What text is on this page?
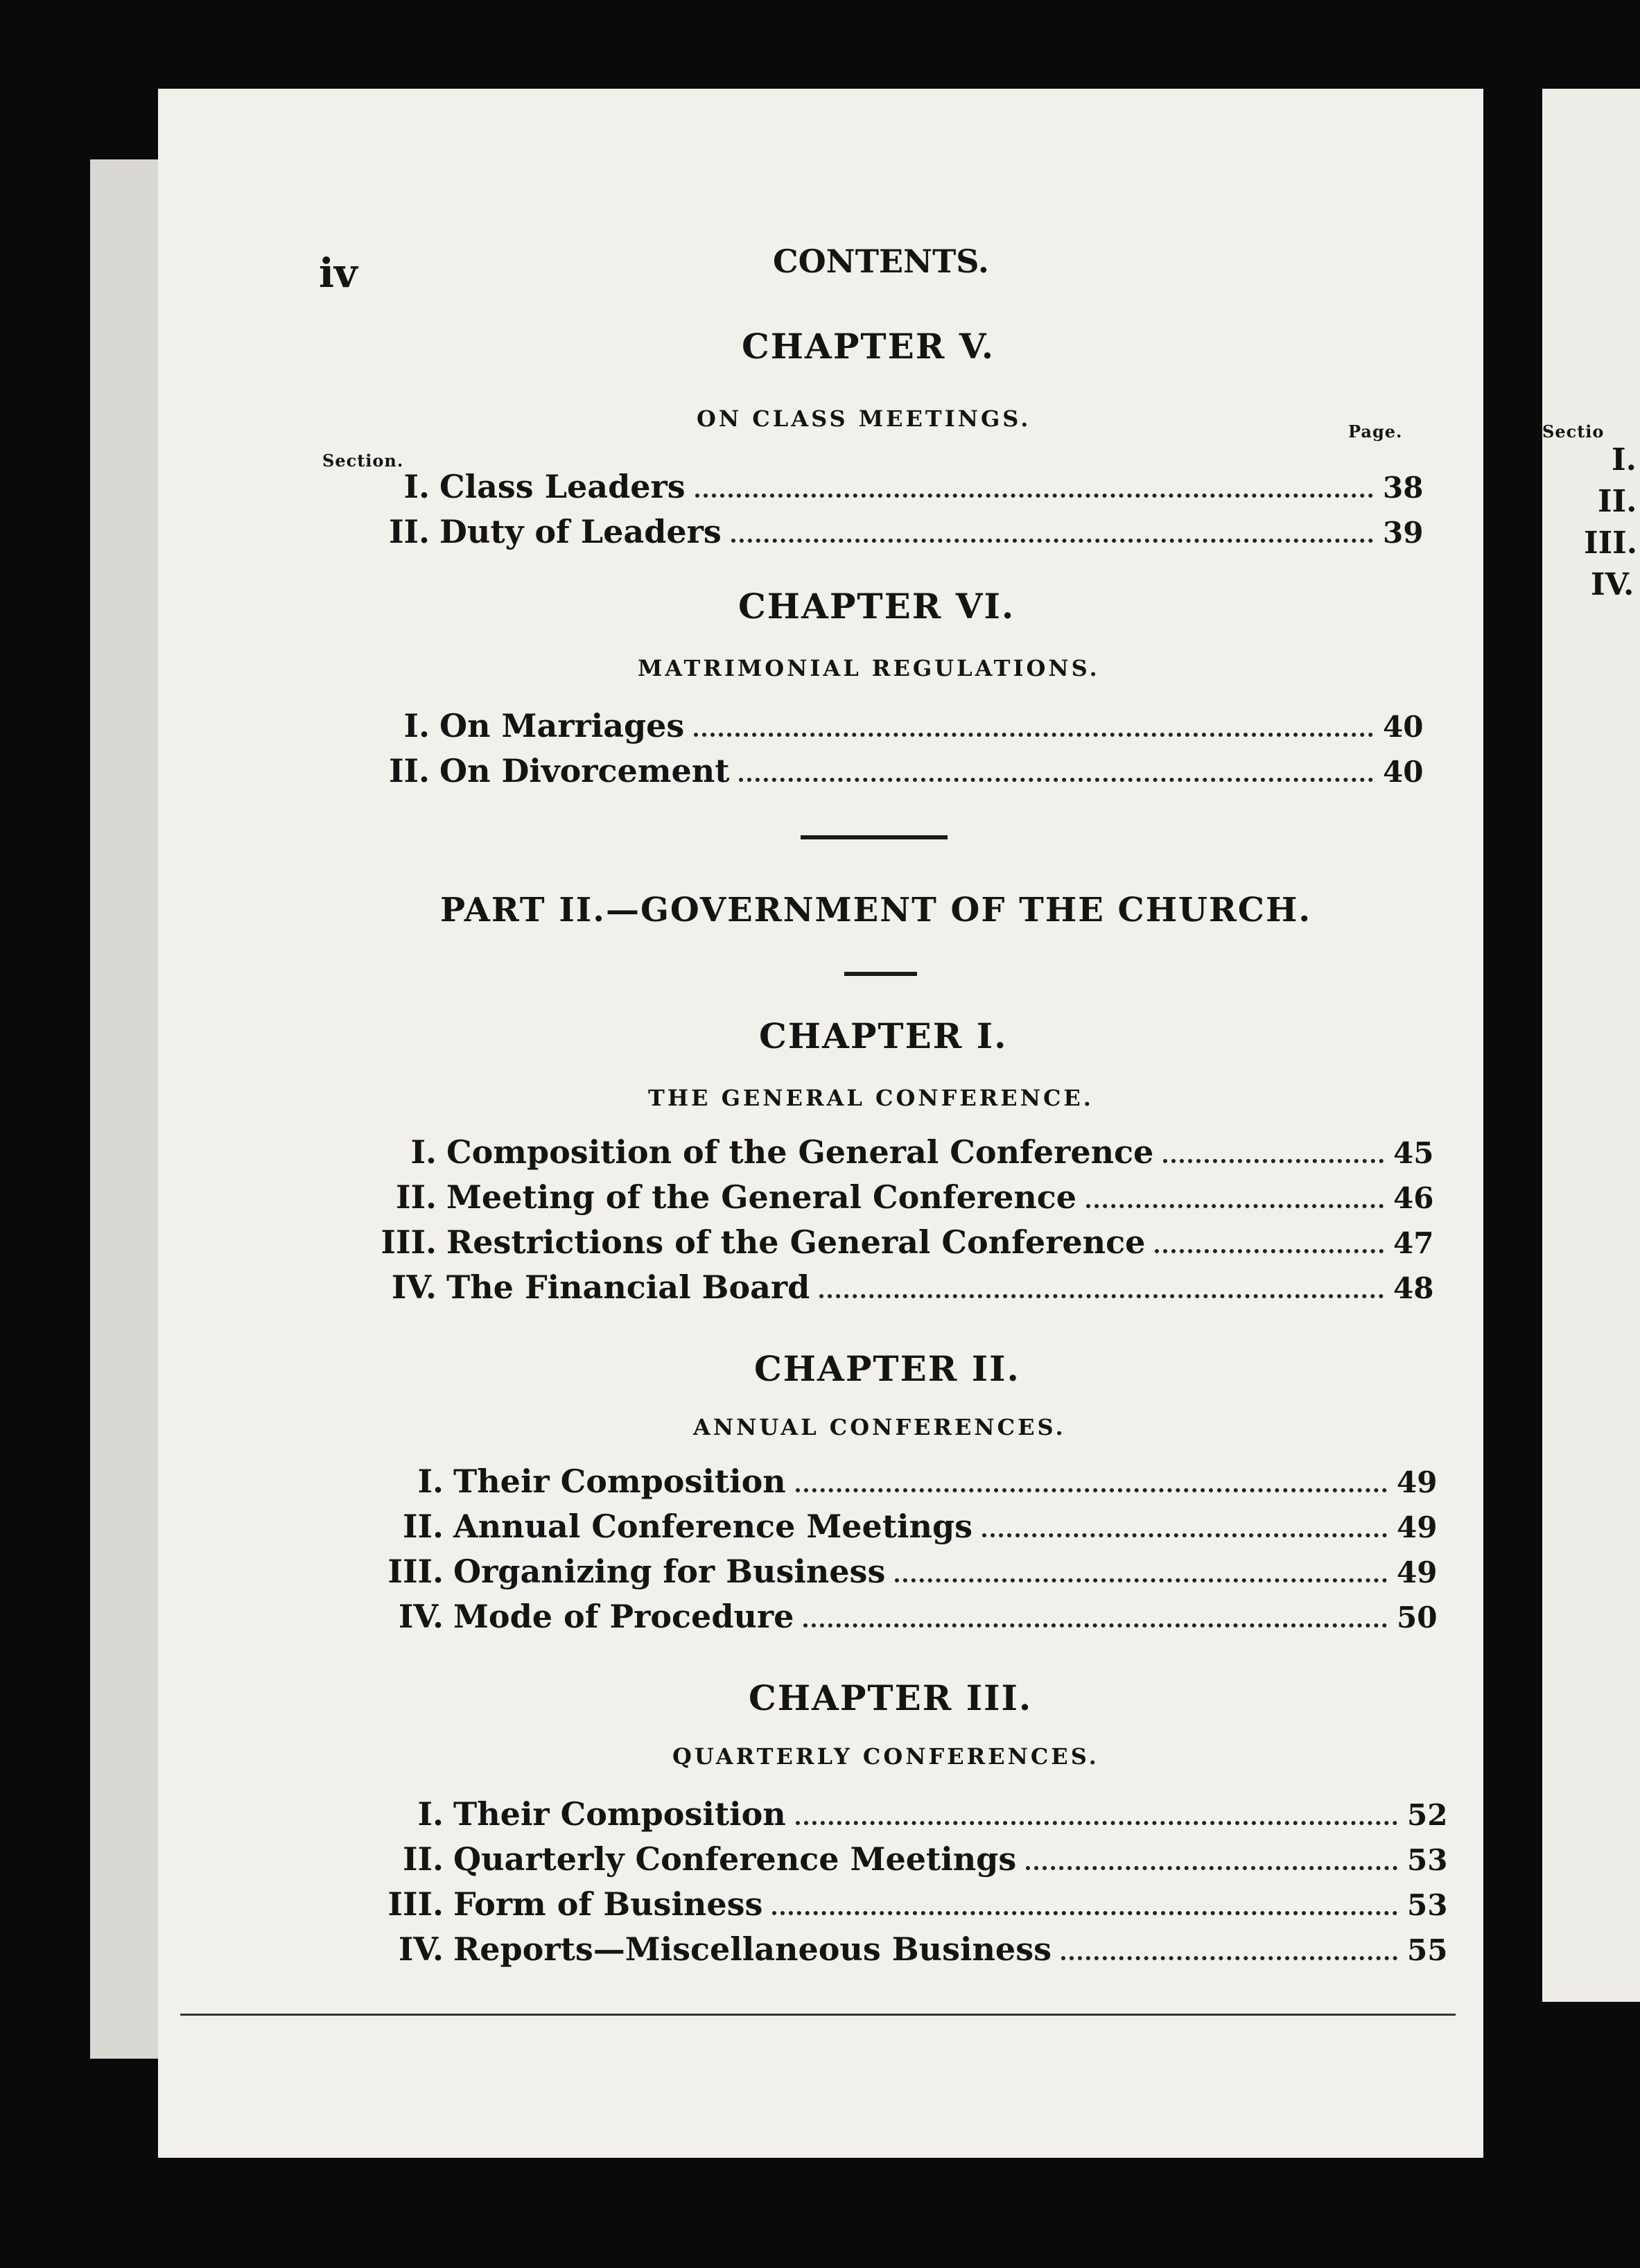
Sectio
I.
II.
III.
IV.
iv	CONTENTS.
CHAPTER V.
ON CLASS MEETINGS.
Section.
Page.
I. Class Leaders	38
II. Duty of Leaders	39
CHAPTER VI.
MATRIMONIAL REGULATIONS.
I. On Marriages	40
II. On Divorcement	40
PART II.—GOVERNMENT OF THE CHURCH.
CHAPTER I.
THE GENERAL CONFERENCE.
I. Composition of the General Conference	45
II. Meeting of the General Conference	46
III. Restrictions of the General Conference	47
IV. The Financial Board	48
CHAPTER II.
ANNUAL CONFERENCES.
I. Their Composition	49
II. Annual Conference Meetings	49
III. Organizing for Business	49
IV. Mode of Procedure	50
CHAPTER III.
QUARTERLY CONFERENCES.
I. Their Composition	52
II. Quarterly Conference Meetings	53
III. Form of Business	53
IV. Reports—Miscellaneous Business	55
